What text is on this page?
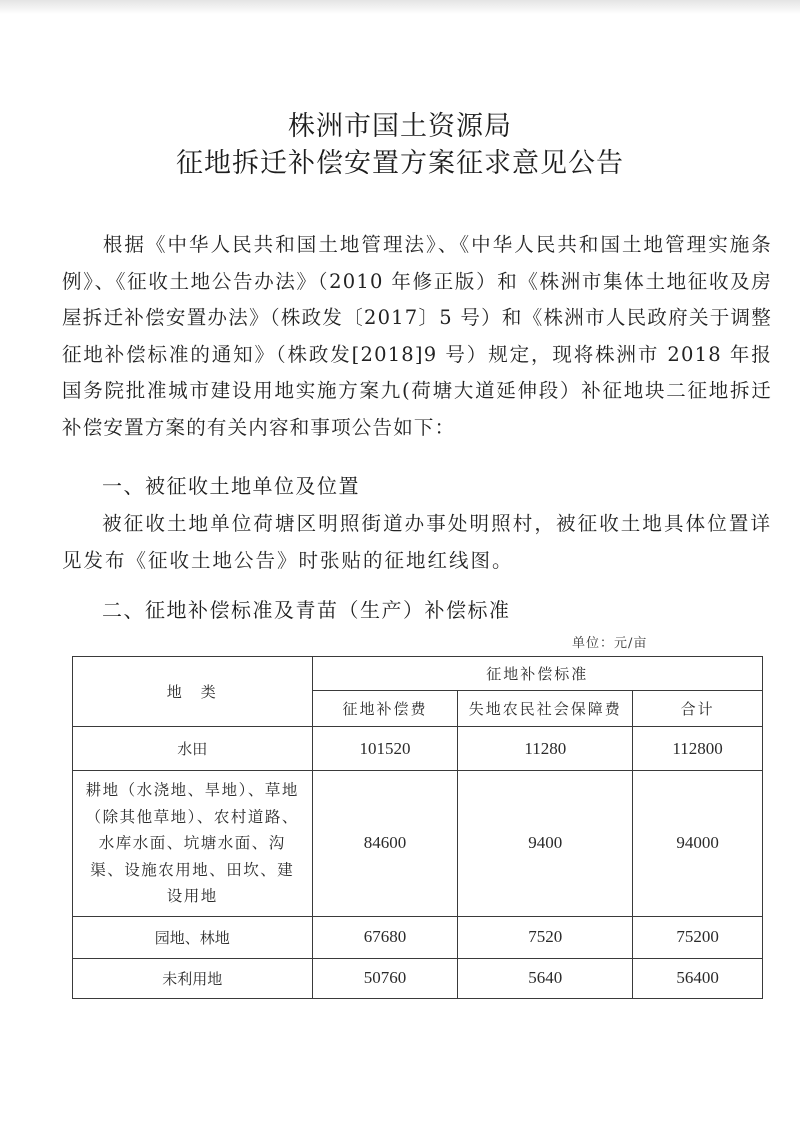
株洲市国土资源局
征地拆迁补偿安置方案征求意见公告
根据《中华人民共和国土地管理法》、《中华人民共和国土地管理实施条例》、《征收土地公告办法》（2010 年修正版）和《株洲市集体土地征收及房屋拆迁补偿安置办法》（株政发〔2017〕5 号）和《株洲市人民政府关于调整征地补偿标准的通知》（株政发[2018]9 号）规定，现将株洲市 2018 年报国务院批准城市建设用地实施方案九(荷塘大道延伸段）补征地块二征地拆迁补偿安置方案的有关内容和事项公告如下：
一、被征收土地单位及位置
被征收土地单位荷塘区明照街道办事处明照村，被征收土地具体位置详见发布《征收土地公告》时张贴的征地红线图。
二、征地补偿标准及青苗（生产）补偿标准
单位：元/亩
地　类	征地补偿标准		
	征地补偿费	失地农民社会保障费	合计
水田	101520	11280	112800
耕地（水浇地、旱地）、草地（除其他草地）、农村道路、水库水面、坑塘水面、沟渠、设施农用地、田坎、建设用地	84600	9400	94000
园地、林地	67680	7520	75200
未利用地	50760	5640	56400
